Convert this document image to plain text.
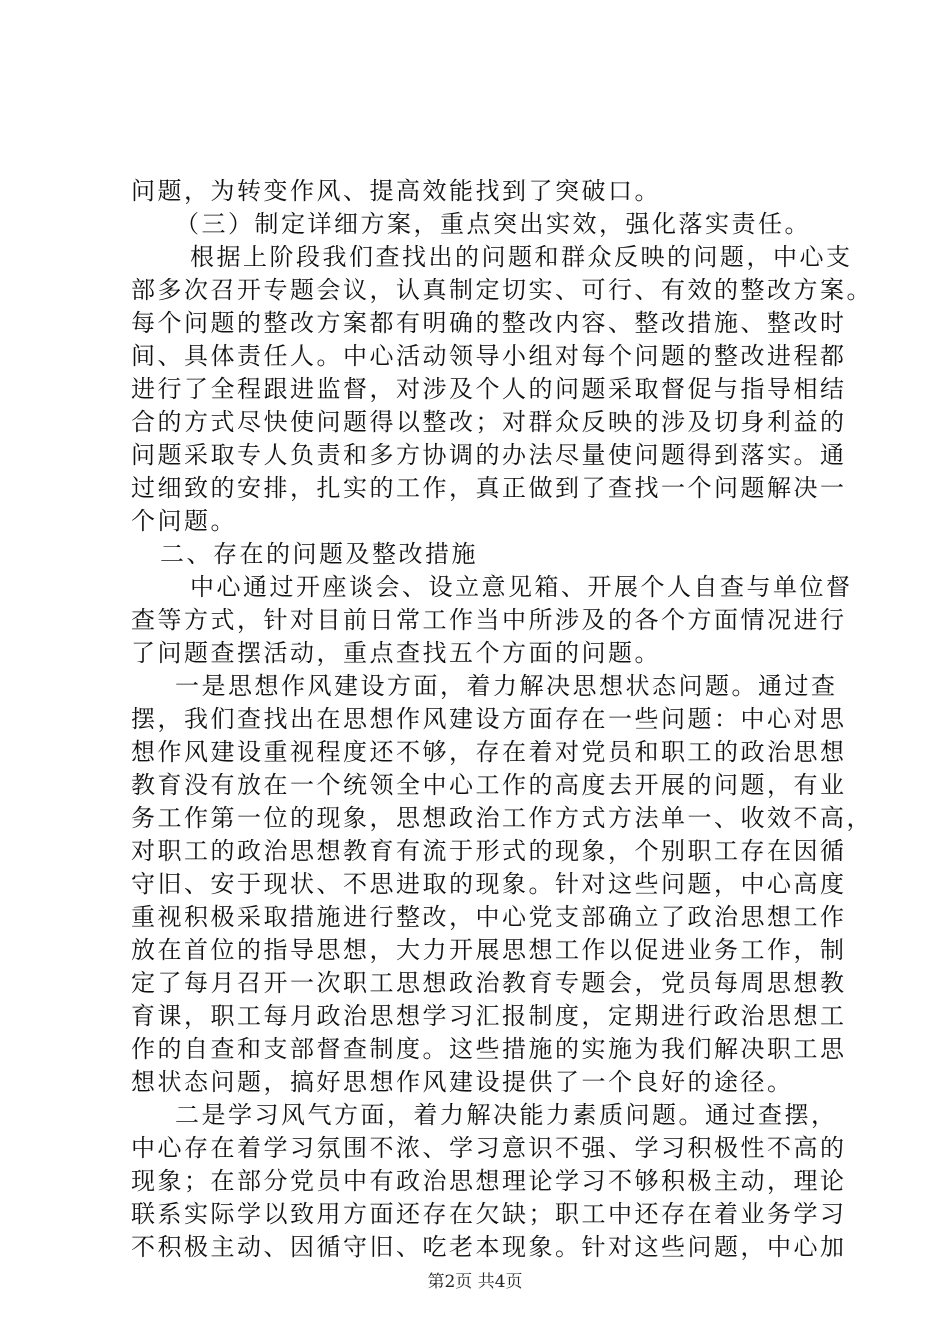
问题，为转变作风、提高效能找到了突破口。
（三）制定详细方案，重点突出实效，强化落实责任。
根据上阶段我们查找出的问题和群众反映的问题，中心支
部多次召开专题会议，认真制定切实、可行、有效的整改方案。
每个问题的整改方案都有明确的整改内容、整改措施、整改时
间、具体责任人。中心活动领导小组对每个问题的整改进程都
进行了全程跟进监督，对涉及个人的问题采取督促与指导相结
合的方式尽快使问题得以整改；对群众反映的涉及切身利益的
问题采取专人负责和多方协调的办法尽量使问题得到落实。通
过细致的安排，扎实的工作，真正做到了查找一个问题解决一
个问题。
二、存在的问题及整改措施
中心通过开座谈会、设立意见箱、开展个人自查与单位督
查等方式，针对目前日常工作当中所涉及的各个方面情况进行
了问题查摆活动，重点查找五个方面的问题。
一是思想作风建设方面，着力解决思想状态问题。通过查
摆，我们查找出在思想作风建设方面存在一些问题：中心对思
想作风建设重视程度还不够，存在着对党员和职工的政治思想
教育没有放在一个统领全中心工作的高度去开展的问题，有业
务工作第一位的现象，思想政治工作方式方法单一、收效不高，
对职工的政治思想教育有流于形式的现象，个别职工存在因循
守旧、安于现状、不思进取的现象。针对这些问题，中心高度
重视积极采取措施进行整改，中心党支部确立了政治思想工作
放在首位的指导思想，大力开展思想工作以促进业务工作，制
定了每月召开一次职工思想政治教育专题会，党员每周思想教
育课，职工每月政治思想学习汇报制度，定期进行政治思想工
作的自查和支部督查制度。这些措施的实施为我们解决职工思
想状态问题，搞好思想作风建设提供了一个良好的途径。
二是学习风气方面，着力解决能力素质问题。通过查摆，
中心存在着学习氛围不浓、学习意识不强、学习积极性不高的
现象；在部分党员中有政治思想理论学习不够积极主动，理论
联系实际学以致用方面还存在欠缺；职工中还存在着业务学习
不积极主动、因循守旧、吃老本现象。针对这些问题，中心加
第2页 共4页
